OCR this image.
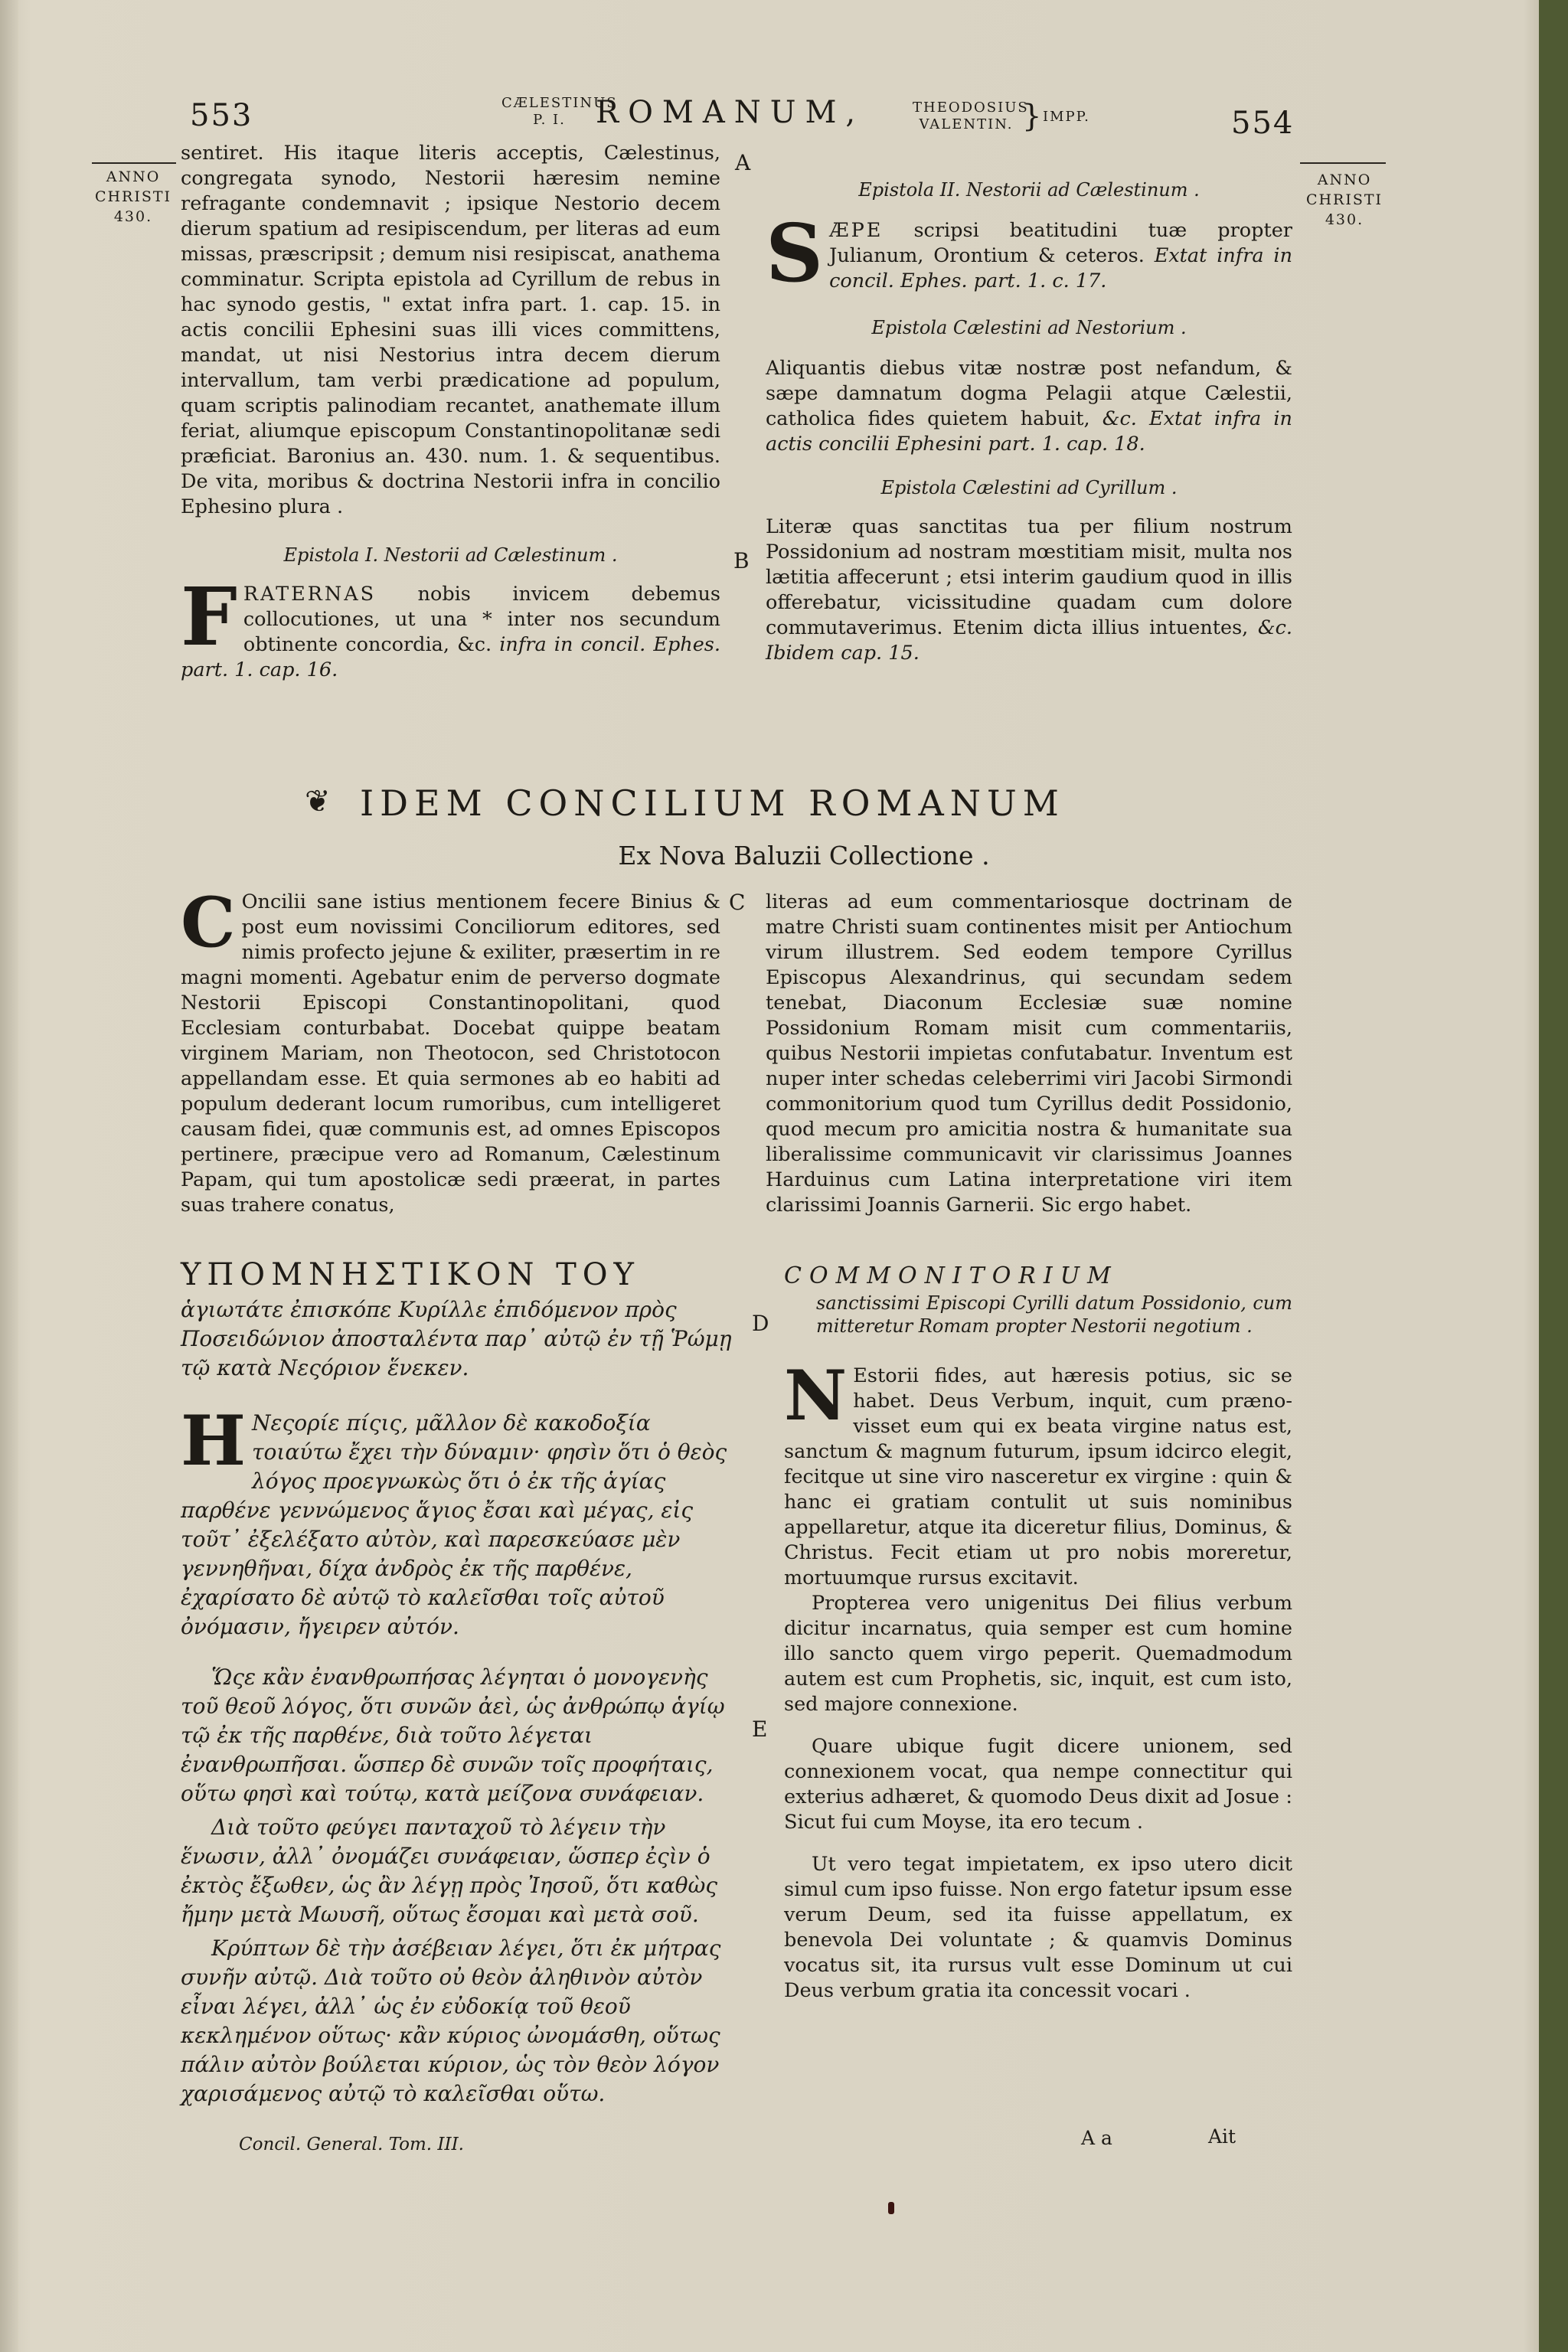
553	CÆLESTINUS
P. I. ROMANUM,	THEODOSIUS
VALENTIN. } IMPP.	554
ANNO
CHRISTI
430.
ANNO
CHRISTI
430.
A
B
C
D
E

sentiret. His itaque literis acceptis, Cælestinus, congregata synodo, Nestorii hæresim nemine refragante condemnavit ; ipsique Nestorio decem dierum spatium ad resipiscendum, per literas ad eum missas, præscripsit ; demum nisi resipiscat, anathema comminatur. Scripta epistola ad Cyrillum de rebus in hac synodo gestis, " extat infra part. 1. cap. 15. in actis concilii Ephesini suas illi vices committens, mandat, ut nisi Nestorius intra decem dierum intervallum, tam verbi prædicatione ad populum, quam scriptis palinodiam recantet, anathemate illum feriat, aliumque episcopum Constantinopolitanæ sedi præficiat. Baronius an. 430. num. 1. & sequentibus. De vita, moribus & doctrina Nestorii infra in concilio Ephesino plura .

Epistola I. Nestorii ad Cælestinum .

FRATERNAS nobis invicem debemus collocutiones, ut una * inter nos secundum obtinente concordia, &c. infra in concil. Ephes. part. 1. cap. 16.

Epistola II. Nestorii ad Cælestinum .

SÆPE scripsi beatitudini tuæ propter Julianum, Orontium & ceteros. Extat infra in concil. Ephes. part. 1. c. 17.

Epistola Cælestini ad Nestorium .

Aliquantis diebus vitæ nostræ post nefandum, & sæpe damnatum dogma Pelagii atque Cælestii, catholica fides quietem habuit, &c. Extat infra in actis concilii Ephesini part. 1. cap. 18.

Epistola Cælestini ad Cyrillum .

Literæ quas sanctitas tua per filium nostrum Possidonium ad nostram mœstitiam misit, multa nos lætitia affecerunt ; etsi interim gaudium quod in illis offerebatur, vicissitudine quadam cum dolore commutaverimus. Etenim dicta illius intuentes, &c. Ibidem cap. 15.

❦ IDEM CONCILIUM ROMANUM
Ex Nova Baluzii Collectione .

C Oncilii sane istius mentionem fecere Binius & post eum novissimi Conciliorum editores, sed nimis profecto jejune & exiliter, præsertim in re magni momenti. Agebatur enim de perverso dogmate Nestorii Episcopi Constantinopolitani, quod Ecclesiam conturbabat. Docebat quippe beatam virginem Mariam, non Theotocon, sed Christotocon appellandam esse. Et quia sermones ab eo habiti ad populum dederant locum rumoribus, cum intelligeret causam fidei, quæ communis est, ad omnes Episcopos pertinere, præcipue vero ad Romanum, Cælestinum Papam, qui tum apostolicæ sedi præerat, in partes suas trahere conatus,

literas ad eum commentariosque doctrinam de matre Christi suam continentes misit per Antiochum virum illustrem. Sed eodem tempore Cyrillus Episcopus Alexandrinus, qui secundam sedem tenebat, Diaconum Ecclesiæ suæ nomine Possidonium Romam misit cum commentariis, quibus Nestorii impietas confutabatur. Inventum est nuper inter schedas celeberrimi viri Jacobi Sirmondi commonitorium quod tum Cyrillus dedit Possidonio, quod mecum pro amicitia nostra & humanitate sua liberalissime communicavit vir clarissimus Joannes Harduinus cum Latina interpretatione viri item clarissimi Joannis Garnerii. Sic ergo habet.

ΥΠΟΜΝΗΣΤΙΚΟΝ ΤΟΥ
ἁγιωτάτε ἐπισκόπε Κυρίλλε ἐπιδόμενον πρὸς Ποσειδώνιον ἀποσταλέντα παρ᾽ αὐτῷ ἐν τῇ Ῥώμῃ τῷ κατὰ Νεςόριον ἕνεκεν.
Η Νεςορίε πίςις, μᾶλλον δὲ κακοδοξία τοιαύτω ἔχει τὴν δύναμιν· φησὶν ὅτι ὁ θεὸς λόγος προεγνωκὼς ὅτι ὁ ἐκ τῆς ἁγίας παρθένε γεννώμενος ἅγιος ἔσαι καὶ μέγας, εἰς τοῦτ᾽ ἐξελέξατο αὐτὸν, καὶ παρεσκεύασε μὲν γεννηθῆναι, δίχα ἀνδρὸς ἐκ τῆς παρθένε, ἐχαρίσατο δὲ αὐτῷ τὸ καλεῖσθαι τοῖς αὐτοῦ ὀνόμασιν, ἤγειρεν αὐτόν.
Ὥςε κἂν ἐνανθρωπήσας λέγηται ὁ μονογενὴς τοῦ θεοῦ λόγος, ὅτι συνῶν ἀεὶ, ὡς ἀνθρώπῳ ἁγίῳ τῷ ἐκ τῆς παρθένε, διὰ τοῦτο λέγεται ἐνανθρωπῆσαι. ὥσπερ δὲ συνῶν τοῖς προφήταις, οὕτω φησὶ καὶ τούτῳ, κατὰ μείζονα συνάφειαν.
Διὰ τοῦτο φεύγει πανταχοῦ τὸ λέγειν τὴν ἕνωσιν, ἀλλ᾽ ὀνομάζει συνάφειαν, ὥσπερ ἐςὶν ὁ ἐκτὸς ἔξωθεν, ὡς ἂν λέγῃ πρὸς Ἰησοῦ, ὅτι καθὼς ἤμην μετὰ Μωυσῆ, οὕτως ἔσομαι καὶ μετὰ σοῦ.
Κρύπτων δὲ τὴν ἀσέβειαν λέγει, ὅτι ἐκ μήτρας συνῆν αὐτῷ. Διὰ τοῦτο οὐ θεὸν ἀληθινὸν αὐτὸν εἶναι λέγει, ἀλλ᾽ ὡς ἐν εὐδοκίᾳ τοῦ θεοῦ κεκλημένον οὕτως· κἂν κύριος ὠνομάσθη, οὕτως πάλιν αὐτὸν βούλεται κύριον, ὡς τὸν θεὸν λόγον χαρισάμενος αὐτῷ τὸ καλεῖσθαι οὕτω.
COMMONITORIUM
sanctissimi Episcopi Cyrilli datum Possidonio, cum mitteretur Romam propter Nestorii negotium .

N Estorii fides, aut hæresis potius, sic se habet. Deus Verbum, inquit, cum præno-visset eum qui ex beata virgine natus est, sanctum & magnum futurum, ipsum idcirco elegit, fecitque ut sine viro nasceretur ex virgine : quin & hanc ei gratiam contulit ut suis nominibus appellaretur, atque ita diceretur filius, Dominus, & Christus. Fecit etiam ut pro nobis moreretur, mortuumque rursus excitavit.

Propterea vero unigenitus Dei filius verbum dicitur incarnatus, quia semper est cum homine illo sancto quem virgo peperit. Quemadmodum autem est cum Prophetis, sic, inquit, est cum isto, sed majore connexione.

Quare ubique fugit dicere unionem, sed connexionem vocat, qua nempe connectitur qui exterius adhæret, & quomodo Deus dixit ad Josue : Sicut fui cum Moyse, ita ero tecum .

Ut vero tegat impietatem, ex ipso utero dicit simul cum ipso fuisse. Non ergo fatetur ipsum esse verum Deum, sed ita fuisse appellatum, ex benevola Dei voluntate ; & quamvis Dominus vocatus sit, ita rursus vult esse Dominum ut cui Deus verbum gratia ita concessit vocari .

Concil. General. Tom. III.	A a	Ait
